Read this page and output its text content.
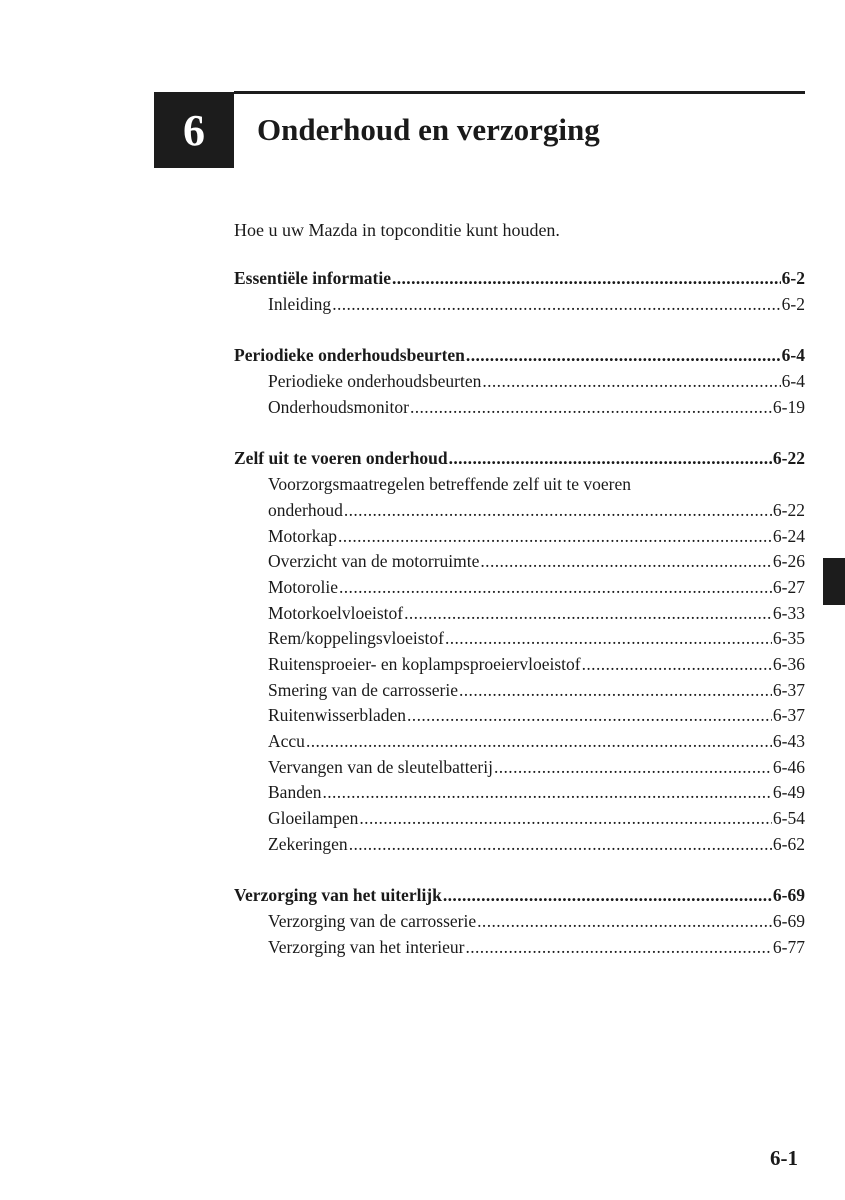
6 Onderhoud en verzorging
Hoe u uw Mazda in topconditie kunt houden.
Essentiële informatie .....	6-2
Inleiding .....	6-2
Periodieke onderhoudsbeurten .....	6-4
Periodieke onderhoudsbeurten .....	6-4
Onderhoudsmonitor .....	6-19
Zelf uit te voeren onderhoud .....	6-22
Voorzorgsmaatregelen betreffende zelf uit te voeren
onderhoud .....	6-22
Motorkap .....	6-24
Overzicht van de motorruimte .....	6-26
Motorolie .....	6-27
Motorkoelvloeistof .....	6-33
Rem/koppelingsvloeistof .....	6-35
Ruitensproeier- en koplampsproeiervloeistof .....	6-36
Smering van de carrosserie .....	6-37
Ruitenwisserbladen .....	6-37
Accu .....	6-43
Vervangen van de sleutelbatterij .....	6-46
Banden .....	6-49
Gloeilampen .....	6-54
Zekeringen .....	6-62
Verzorging van het uiterlijk .....	6-69
Verzorging van de carrosserie .....	6-69
Verzorging van het interieur .....	6-77
6-1
